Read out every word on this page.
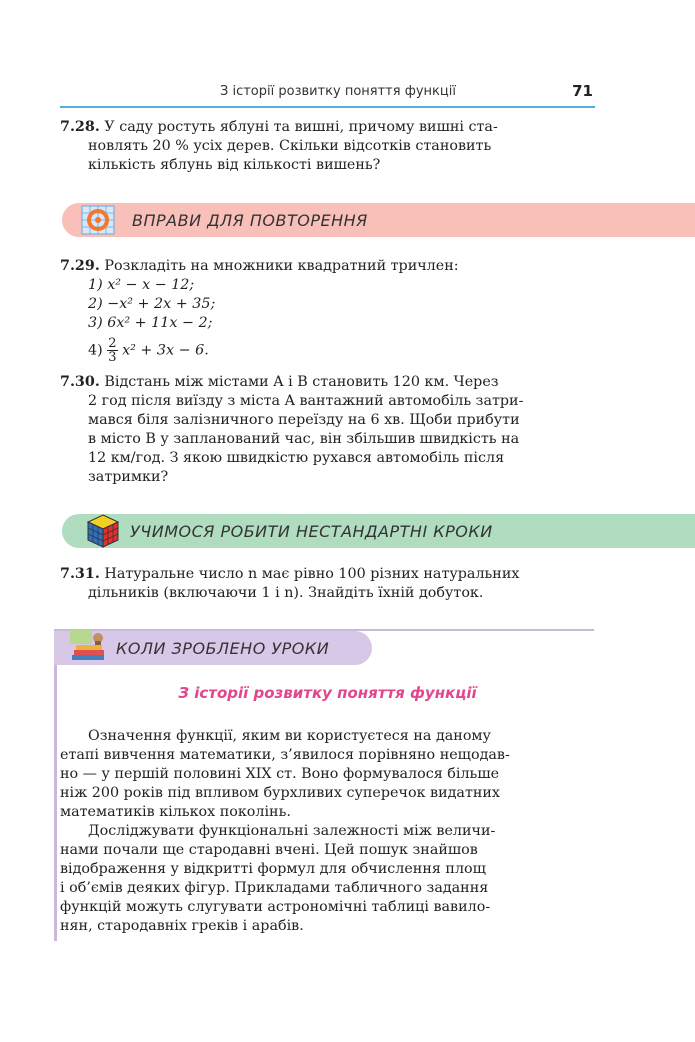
З історії розвитку поняття функції	71
7.28. У саду ростуть яблуні та вишні, причому вишні ста-
новлять 20 % усіх дерев. Скільки відсотків становить
кількість яблунь від кількості вишень?
ВПРАВИ ДЛЯ ПОВТОРЕННЯ
7.29. Розкладіть на множники квадратний тричлен:
1) x² − x − 12;
2) −x² + 2x + 35;
3) 6x² + 11x − 2;
$4) \frac{2}{3} x^2 + 3x - 6$.
7.30. Відстань між містами A і B становить 120 км. Через
2 год після виїзду з міста A вантажний автомобіль затри-
мався біля залізничного переїзду на 6 хв. Щоби прибути
в місто B у запланований час, він збільшив швидкість на
12 км/год. З якою швидкістю рухався автомобіль після
затримки?
УЧИМОСЯ РОБИТИ НЕСТАНДАРТНІ КРОКИ
7.31. Натуральне число n має рівно 100 різних натуральних
дільників (включаючи 1 і n). Знайдіть їхній добуток.
КОЛИ ЗРОБЛЕНО УРОКИ
З історії розвитку поняття функції
Означення функції, яким ви користуєтеся на даному
етапі вивчення математики, з’явилося порівняно нещодав-
но — у першій половині XIX ст. Воно формувалося більше
ніж 200 років під впливом бурхливих суперечок видатних
математиків кількох поколінь.
Досліджувати функціональні залежності між величи-
нами почали ще стародавні вчені. Цей пошук знайшов
відображення у відкритті формул для обчислення площ
і об’ємів деяких фігур. Прикладами табличного задання
функцій можуть слугувати астрономічні таблиці вавило-
нян, стародавніх греків і арабів.
